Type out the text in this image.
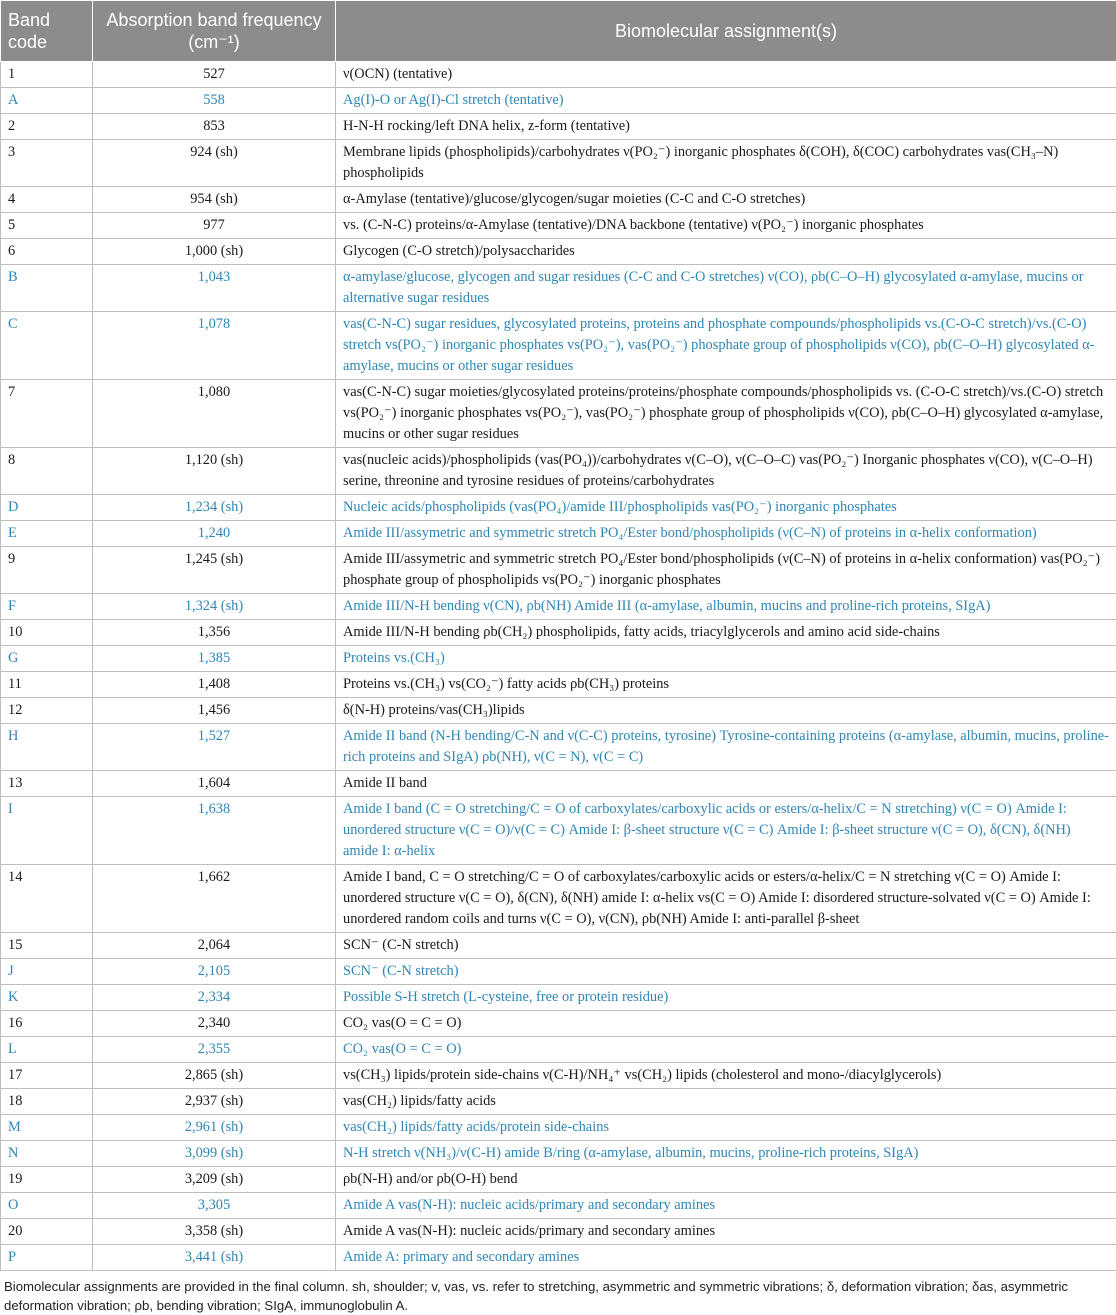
Band code	Absorption band frequency (cm⁻¹)	Biomolecular assignment(s)
1	527	ν(OCN) (tentative)
A	558	Ag(I)-O or Ag(I)-Cl stretch (tentative)
2	853	H-N-H rocking/left DNA helix, z-form (tentative)
3	924 (sh)	Membrane lipids (phospholipids)/carbohydrates ν(PO₂⁻) inorganic phosphates δ(COH), δ(COC) carbohydrates vas(CH₃–N) phospholipids
4	954 (sh)	α-Amylase (tentative)/glucose/glycogen/sugar moieties (C-C and C-O stretches)
5	977	vs. (C-N-C) proteins/α-Amylase (tentative)/DNA backbone (tentative) ν(PO₂⁻) inorganic phosphates
6	1,000 (sh)	Glycogen (C-O stretch)/polysaccharides
B	1,043	α-amylase/glucose, glycogen and sugar residues (C-C and C-O stretches) ν(CO), ρb(C–O–H) glycosylated α-amylase, mucins or alternative sugar residues
C	1,078	vas(C-N-C) sugar residues, glycosylated proteins, proteins and phosphate compounds/phospholipids vs.(C-O-C stretch)/vs.(C-O) stretch vs(PO₂⁻) inorganic phosphates vs(PO₂⁻), vas(PO₂⁻) phosphate group of phospholipids ν(CO), ρb(C–O–H) glycosylated α-amylase, mucins or other sugar residues
7	1,080	vas(C-N-C) sugar moieties/glycosylated proteins/proteins/phosphate compounds/phospholipids vs. (C-O-C stretch)/vs.(C-O) stretch vs(PO₂⁻) inorganic phosphates vs(PO₂⁻), vas(PO₂⁻) phosphate group of phospholipids ν(CO), ρb(C–O–H) glycosylated α-amylase, mucins or other sugar residues
8	1,120 (sh)	vas(nucleic acids)/phospholipids (vas(PO₄))/carbohydrates ν(C–O), ν(C–O–C) vas(PO₂⁻) Inorganic phosphates ν(CO), ν(C–O–H) serine, threonine and tyrosine residues of proteins/carbohydrates
D	1,234 (sh)	Nucleic acids/phospholipids (vas(PO₄)/amide III/phospholipids vas(PO₂⁻) inorganic phosphates
E	1,240	Amide III/assymetric and symmetric stretch PO₄/Ester bond/phospholipids (ν(C–N) of proteins in α-helix conformation)
9	1,245 (sh)	Amide III/assymetric and symmetric stretch PO₄/Ester bond/phospholipids (ν(C–N) of proteins in α-helix conformation) vas(PO₂⁻) phosphate group of phospholipids vs(PO₂⁻) inorganic phosphates
F	1,324 (sh)	Amide III/N-H bending ν(CN), ρb(NH) Amide III (α-amylase, albumin, mucins and proline-rich proteins, SIgA)
10	1,356	Amide III/N-H bending ρb(CH₂) phospholipids, fatty acids, triacylglycerols and amino acid side-chains
G	1,385	Proteins vs.(CH₃)
11	1,408	Proteins vs.(CH₃) vs(CO₂⁻) fatty acids ρb(CH₃) proteins
12	1,456	δ(N-H) proteins/vas(CH₃)lipids
H	1,527	Amide II band (N-H bending/C-N and ν(C-C) proteins, tyrosine) Tyrosine-containing proteins (α-amylase, albumin, mucins, proline-rich proteins and SIgA) ρb(NH), ν(C = N), ν(C = C)
13	1,604	Amide II band
I	1,638	Amide I band (C = O stretching/C = O of carboxylates/carboxylic acids or esters/α-helix/C = N stretching) ν(C = O) Amide I: unordered structure ν(C = O)/ν(C = C) Amide I: β-sheet structure ν(C = C) Amide I: β-sheet structure ν(C = O), δ(CN), δ(NH) amide I: α-helix
14	1,662	Amide I band, C = O stretching/C = O of carboxylates/carboxylic acids or esters/α-helix/C = N stretching ν(C = O) Amide I: unordered structure ν(C = O), δ(CN), δ(NH) amide I: α-helix vs(C = O) Amide I: disordered structure-solvated ν(C = O) Amide I: unordered random coils and turns ν(C = O), ν(CN), ρb(NH) Amide I: anti-parallel β-sheet
15	2,064	SCN⁻ (C-N stretch)
J	2,105	SCN⁻ (C-N stretch)
K	2,334	Possible S-H stretch (L-cysteine, free or protein residue)
16	2,340	CO₂ vas(O = C = O)
L	2,355	CO₂ vas(O = C = O)
17	2,865 (sh)	vs(CH₃) lipids/protein side-chains ν(C-H)/NH₄⁺ vs(CH₂) lipids (cholesterol and mono-/diacylglycerols)
18	2,937 (sh)	vas(CH₂) lipids/fatty acids
M	2,961 (sh)	vas(CH₂) lipids/fatty acids/protein side-chains
N	3,099 (sh)	N-H stretch ν(NH₃)/ν(C-H) amide B/ring (α-amylase, albumin, mucins, proline-rich proteins, SIgA)
19	3,209 (sh)	ρb(N-H) and/or ρb(O-H) bend
O	3,305	Amide A vas(N-H): nucleic acids/primary and secondary amines
20	3,358 (sh)	Amide A vas(N-H): nucleic acids/primary and secondary amines
P	3,441 (sh)	Amide A: primary and secondary amines
Biomolecular assignments are provided in the final column. sh, shoulder; v, vas, vs. refer to stretching, asymmetric and symmetric vibrations; δ, deformation vibration; δas, asymmetric deformation vibration; ρb, bending vibration; SIgA, immunoglobulin A.
